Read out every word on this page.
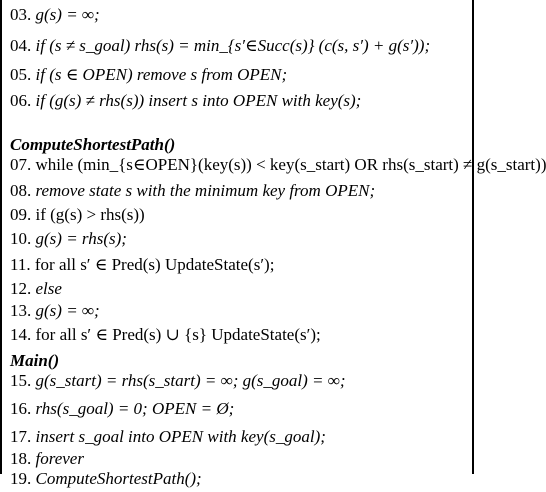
03. g(s) = ∞;
04. if (s ≠ s_goal) rhs(s) = min_{s′∈Succ(s)} (c(s, s′) + g(s′));
05. if (s ∈ OPEN) remove s from OPEN;
06. if (g(s) ≠ rhs(s)) insert s into OPEN with key(s);
ComputeShortestPath()
07. while (min_{s∈OPEN}(key(s)) < key(s_start) OR rhs(s_start) ≠ g(s_start))
08. remove state s with the minimum key from OPEN;
09. if (g(s) > rhs(s))
10. g(s) = rhs(s);
11. for all s′ ∈ Pred(s) UpdateState(s′);
12. else
13. g(s) = ∞;
14. for all s′ ∈ Pred(s) ∪ {s} UpdateState(s′);
Main()
15. g(s_start) = rhs(s_start) = ∞; g(s_goal) = ∞;
16. rhs(s_goal) = 0; OPEN = Ø;
17. insert s_goal into OPEN with key(s_goal);
18. forever
19. ComputeShortestPath();
